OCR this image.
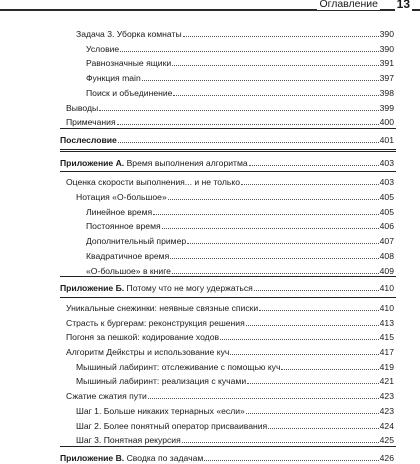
Оглавление 13
Задача 3. Уборка комнаты	390
Условие	390
Равнозначные ящики	391
Функция main	397
Поиск и объединение	398
Выводы	399
Примечания	400
Послесловие	401
Приложение А. Время выполнения алгоритма	403
Оценка скорости выполнения... и не только	403
Нотация «О-большое»	405
Линейное время	405
Постоянное время	406
Дополнительный пример	407
Квадратичное время	408
«О-большое» в книге	409
Приложение Б. Потому что не могу удержаться	410
Уникальные снежинки: неявные связные списки	410
Страсть к бургерам: реконструкция решения	413
Погоня за пешкой: кодирование ходов	415
Алгоритм Дейкстры и использование куч	417
Мышиный лабиринт: отслеживание с помощью куч	419
Мышиный лабиринт: реализация с кучами	421
Сжатие сжатия пути	423
Шаг 1. Больше никаких тернарных «если»	423
Шаг 2. Более понятный оператор присваивания	424
Шаг 3. Понятная рекурсия	425
Приложение В. Сводка по задачам	426
